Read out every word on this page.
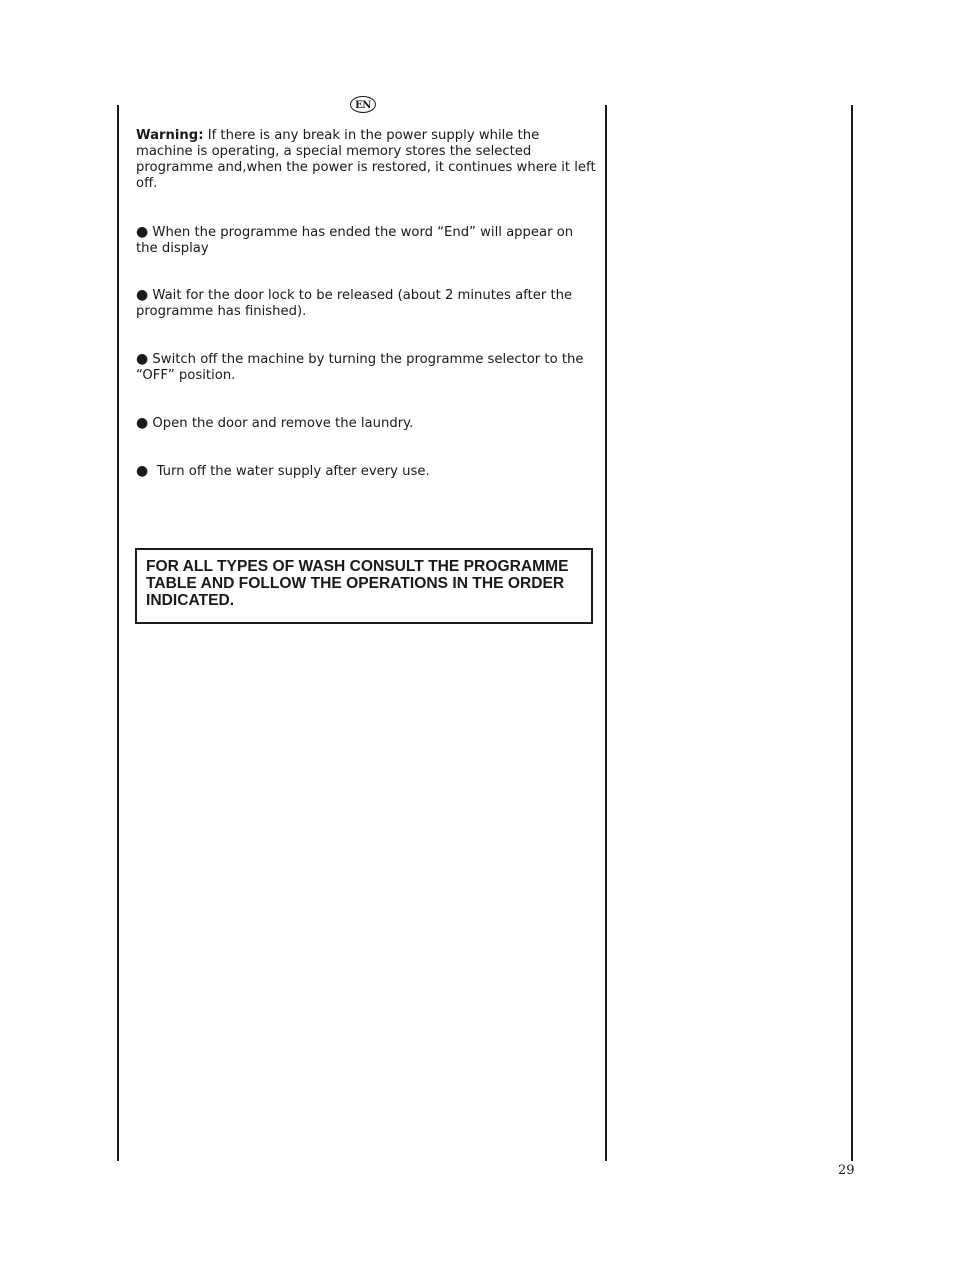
EN

Warning: If there is any break in the power supply while the machine is operating, a special memory stores the selected programme and,when the power is restored, it continues where it left off.

● When the programme has ended the word “End” will appear on the display

● Wait for the door lock to be released (about 2 minutes after the programme has finished).

● Switch off the machine by turning the programme selector to the “OFF” position.

● Open the door and remove the laundry.

●  Turn off the water supply after every use.

FOR ALL TYPES OF WASH CONSULT THE PROGRAMME TABLE AND FOLLOW THE OPERATIONS IN THE ORDER INDICATED.
29
